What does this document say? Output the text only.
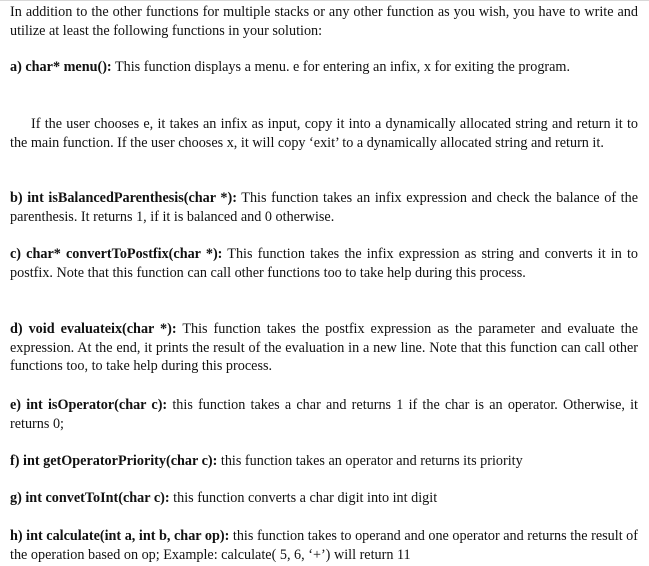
In addition to the other functions for multiple stacks or any other function as you wish, you have to write and utilize at least the following functions in your solution:

a) char* menu(): This function displays a menu. e for entering an infix, x for exiting the program.

If the user chooses e, it takes an infix as input, copy it into a dynamically allocated string and return it to the main function. If the user chooses x, it will copy ‘exit’ to a dynamically allocated string and return it.

b) int isBalancedParenthesis(char *): This function takes an infix expression and check the balance of the parenthesis. It returns 1, if it is balanced and 0 otherwise.

c) char* convertToPostfix(char *): This function takes the infix expression as string and converts it in to postfix. Note that this function can call other functions too to take help during this process.

d) void evaluateix(char *): This function takes the postfix expression as the parameter and evaluate the expression. At the end, it prints the result of the evaluation in a new line. Note that this function can call other functions too, to take help during this process.

e) int isOperator(char c): this function takes a char and returns 1 if the char is an operator. Otherwise, it returns 0;

f) int getOperatorPriority(char c): this function takes an operator and returns its priority

g) int convetToInt(char c): this function converts a char digit into int digit

h) int calculate(int a, int b, char op): this function takes to operand and one operator and returns the result of the operation based on op; Example: calculate( 5, 6, ‘+’) will return 11
